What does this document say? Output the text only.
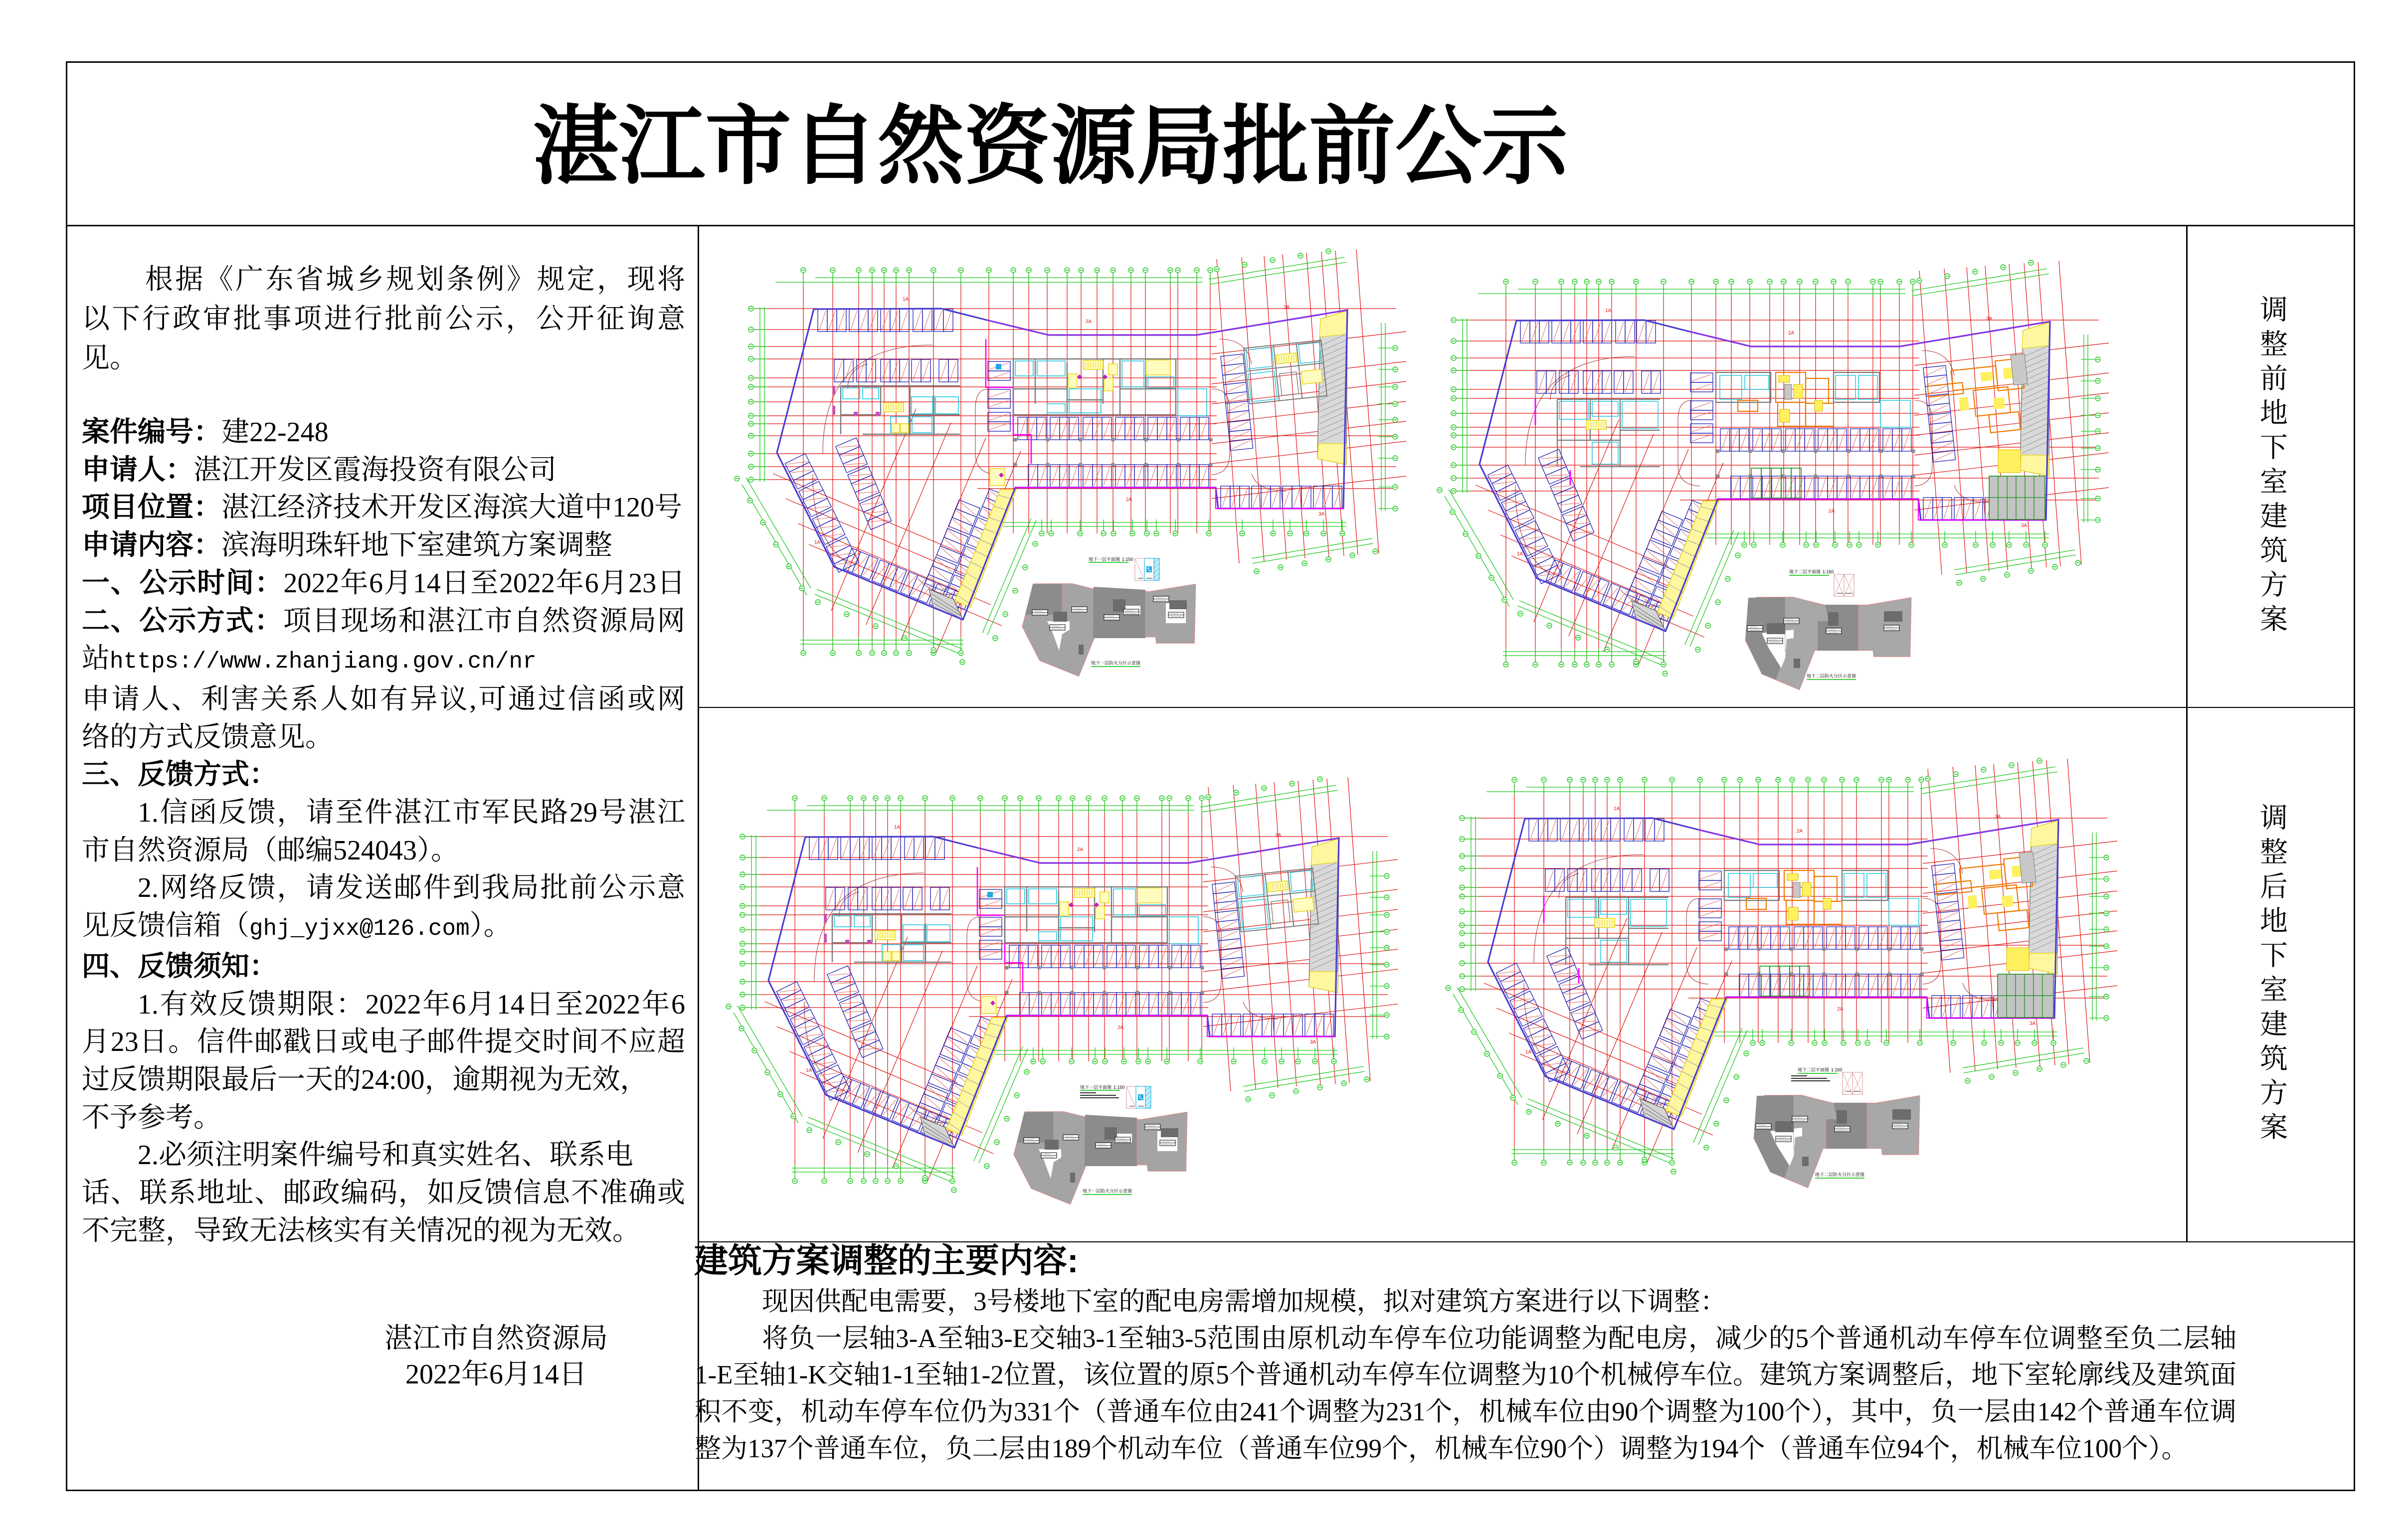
湛江市自然资源局批前公示
根据《广东省城乡规划条例》规定，现将
以下行政审批事项进行批前公示，公开征询意
见。
案件编号：建22-248
申请人：湛江开发区霞海投资有限公司
项目位置：湛江经济技术开发区海滨大道中120号
申请内容：滨海明珠轩地下室建筑方案调整
一、公示时间：2022年6月14日至2022年6月23日
二、公示方式：项目现场和湛江市自然资源局网
站https://www.zhanjiang.gov.cn/nr
申请人、利害关系人如有异议,可通过信函或网
络的方式反馈意见。
三、反馈方式：
1.信函反馈，请至件湛江市军民路29号湛江
市自然资源局（邮编524043）。
2.网络反馈，请发送邮件到我局批前公示意
见反馈信箱（ghj_yjxx@126.com）。
四、反馈须知：
1.有效反馈期限：2022年6月14日至2022年6
月23日。信件邮戳日或电子邮件提交时间不应超
过反馈期限最后一天的24:00，逾期视为无效，
不予参考。
2.必须注明案件编号和真实姓名、联系电
话、联系地址、邮政编码，如反馈信息不准确或
不完整，导致无法核实有关情况的视为无效。
湛江市自然资源局
2022年6月14日
地下一层平面图 1:150
地下一层防火分区示意图
地下二层平面图 1:150
地下二层防火分区示意图
地下一层平面图 1:150
地下一层防火分区示意图
地下二层平面图 1:150
地下二层防火分区示意图
调整前地下室建筑方案
调整后地下室建筑方案
建筑方案调整的主要内容:
现因供配电需要，3号楼地下室的配电房需增加规模，拟对建筑方案进行以下调整：
将负一层轴3-A至轴3-E交轴3-1至轴3-5范围由原机动车停车位功能调整为配电房，减少的5个普通机动车停车位调整至负二层轴
1-E至轴1-K交轴1-1至轴1-2位置，该位置的原5个普通机动车停车位调整为10个机械停车位。建筑方案调整后，地下室轮廓线及建筑面
积不变，机动车停车位仍为331个（普通车位由241个调整为231个，机械车位由90个调整为100个），其中，负一层由142个普通车位调
整为137个普通车位，负二层由189个机动车位（普通车位99个，机械车位90个）调整为194个（普通车位94个，机械车位100个）。
